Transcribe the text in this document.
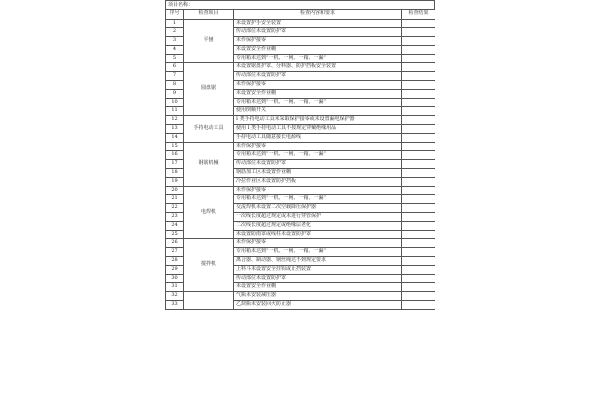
项目名称：
序号	检查项目	检查内容和要求	检查结果
1	平刨	未设置护手安全装置	
2		传动部位未设置防护罩	
3		未作保护接零	
4		未设置安全作业棚	
5		专用箱未达到“一机、一闸、一箱、一漏”	
6	圆盘锯	未设置锯盘护罩、分料器、防护挡板安全装置	
7		传动部位未设置防护罩	
8		未作保护接零	
9		未设置安全作业棚	
10		专用箱未达到“一机、一闸、一箱、一漏”	
11		使用倒顺开关	
12	手持电动工具	I 类手持电动工具未采取保护接零或未设置漏电保护器	
13		使用 I 类手持电动工具不按规定穿戴绝缘用品	
14		手持电动工具随意接长电源线	
15	钢筋机械	未作保护接零	
16		专用箱未达到“一机、一闸、一箱、一漏”	
17		传动部位未设置防护罩	
18		钢筋加工区未设置作业棚	
19		冷拉作业区未设置防护挡板	
20	电焊机	未作保护接零	
21		专用箱未达到“一机、一闸、一箱、一漏”	
22		交流焊机未设置二次空载降压保护器	
23		一次线长度超过规定或未进行穿管保护	
24		二次线长度超过规定或绝缘层老化	
25		未设置防雨罩或线柱未设置防护罩	
26	搅拌机	未作保护接零	
27		专用箱未达到“一机、一闸、一箱、一漏”	
28		离合器、制动器、钢丝绳达不到规定要求	
29		上料斗未设置安全挂钩或止挡装置	
30		传动部位未设置防护罩	
31		未设置安全作业棚	
32		气瓶未安装减压器	
33		乙炔瓶未安装回火防止器	
